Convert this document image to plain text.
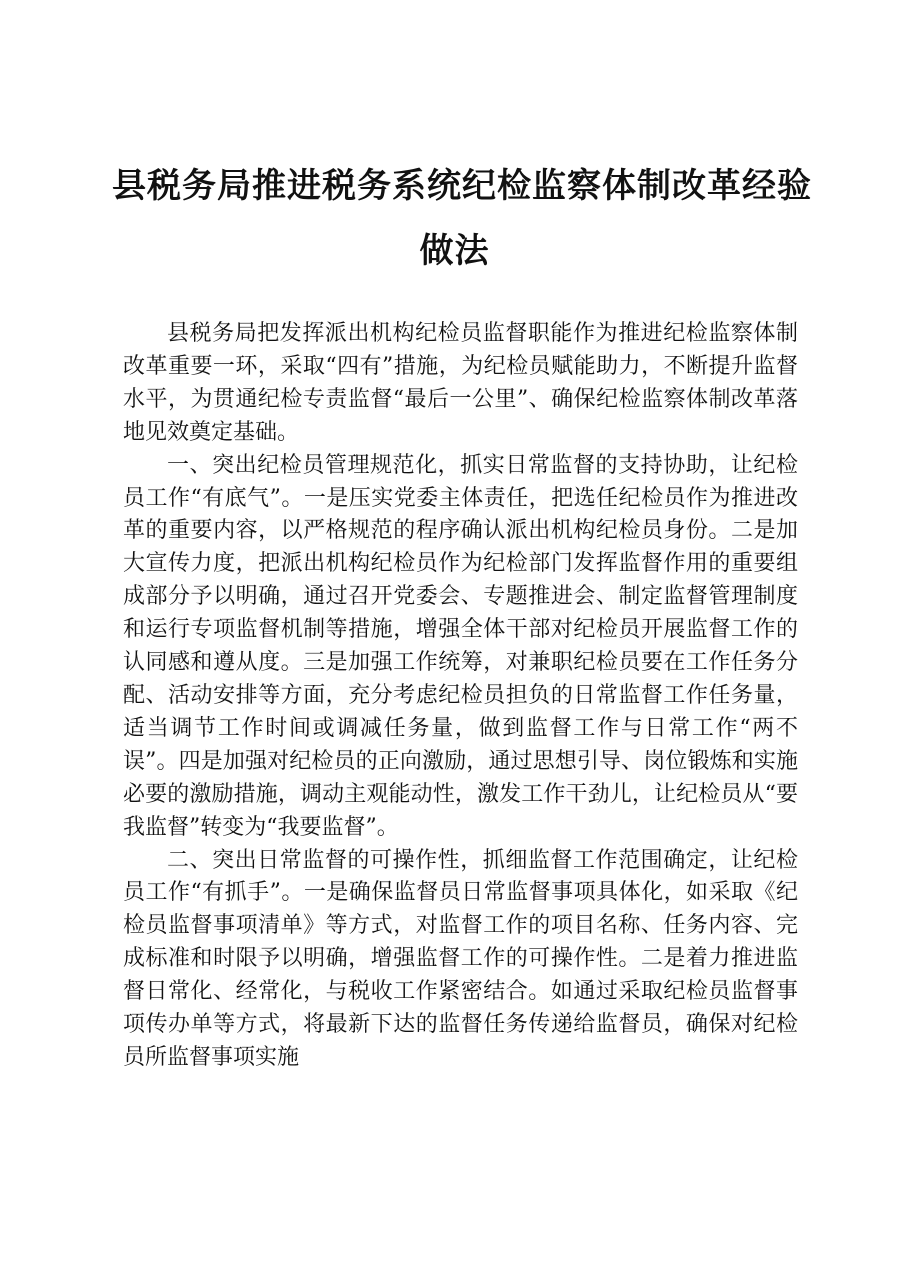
县税务局推进税务系统纪检监察体制改革经验
做法

县税务局把发挥派出机构纪检员监督职能作为推进纪检监察体制改革重要一环，采取“四有”措施，为纪检员赋能助力，不断提升监督水平，为贯通纪检专责监督“最后一公里”、确保纪检监察体制改革落地见效奠定基础。

一、突出纪检员管理规范化，抓实日常监督的支持协助，让纪检员工作“有底气”。一是压实党委主体责任，把选任纪检员作为推进改革的重要内容，以严格规范的程序确认派出机构纪检员身份。二是加大宣传力度，把派出机构纪检员作为纪检部门发挥监督作用的重要组成部分予以明确，通过召开党委会、专题推进会、制定监督管理制度和运行专项监督机制等措施，增强全体干部对纪检员开展监督工作的认同感和遵从度。三是加强工作统筹，对兼职纪检员要在工作任务分配、活动安排等方面，充分考虑纪检员担负的日常监督工作任务量，适当调节工作时间或调减任务量，做到监督工作与日常工作“两不误”。四是加强对纪检员的正向激励，通过思想引导、岗位锻炼和实施必要的激励措施，调动主观能动性，激发工作干劲儿，让纪检员从“要我监督”转变为“我要监督”。

二、突出日常监督的可操作性，抓细监督工作范围确定，让纪检员工作“有抓手”。一是确保监督员日常监督事项具体化，如采取《纪检员监督事项清单》等方式，对监督工作的项目名称、任务内容、完成标准和时限予以明确，增强监督工作的可操作性。二是着力推进监督日常化、经常化，与税收工作紧密结合。如通过采取纪检员监督事项传办单等方式，将最新下达的监督任务传递给监督员，确保对纪检员所监督事项实施
